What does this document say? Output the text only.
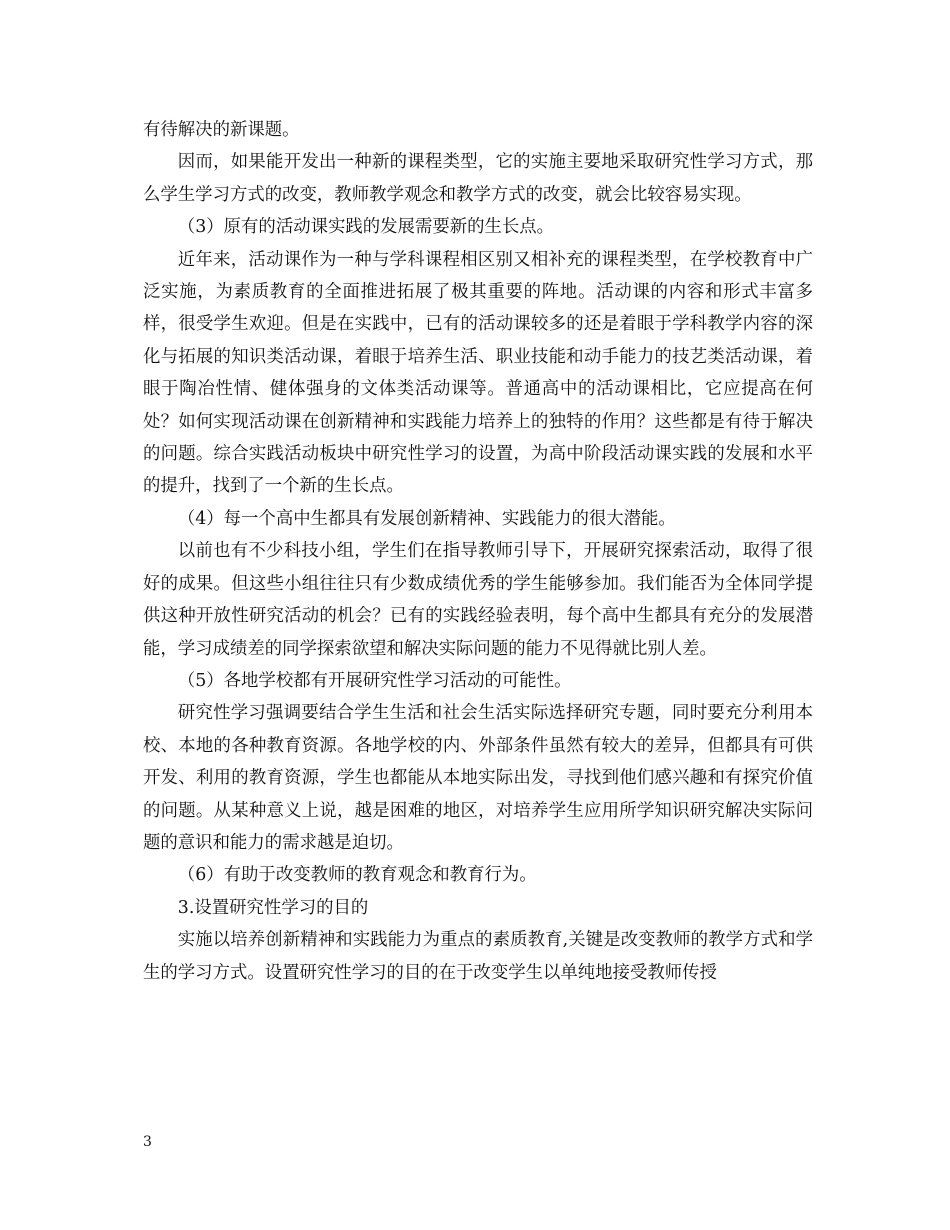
有待解决的新课题。

因而，如果能开发出一种新的课程类型，它的实施主要地采取研究性学习方式，那么学生学习方式的改变，教师教学观念和教学方式的改变，就会比较容易实现。

（3）原有的活动课实践的发展需要新的生长点。

近年来，活动课作为一种与学科课程相区别又相补充的课程类型，在学校教育中广泛实施，为素质教育的全面推进拓展了极其重要的阵地。活动课的内容和形式丰富多样，很受学生欢迎。但是在实践中，已有的活动课较多的还是着眼于学科教学内容的深化与拓展的知识类活动课，着眼于培养生活、职业技能和动手能力的技艺类活动课，着眼于陶冶性情、健体强身的文体类活动课等。普通高中的活动课相比，它应提高在何处？如何实现活动课在创新精神和实践能力培养上的独特的作用？这些都是有待于解决的问题。综合实践活动板块中研究性学习的设置，为高中阶段活动课实践的发展和水平的提升，找到了一个新的生长点。

（4）每一个高中生都具有发展创新精神、实践能力的很大潜能。

以前也有不少科技小组，学生们在指导教师引导下，开展研究探索活动，取得了很好的成果。但这些小组往往只有少数成绩优秀的学生能够参加。我们能否为全体同学提供这种开放性研究活动的机会？已有的实践经验表明，每个高中生都具有充分的发展潜能，学习成绩差的同学探索欲望和解决实际问题的能力不见得就比别人差。

（5）各地学校都有开展研究性学习活动的可能性。

研究性学习强调要结合学生生活和社会生活实际选择研究专题，同时要充分利用本校、本地的各种教育资源。各地学校的内、外部条件虽然有较大的差异，但都具有可供开发、利用的教育资源，学生也都能从本地实际出发，寻找到他们感兴趣和有探究价值的问题。从某种意义上说，越是困难的地区，对培养学生应用所学知识研究解决实际问题的意识和能力的需求越是迫切。

（6）有助于改变教师的教育观念和教育行为。

3.设置研究性学习的目的

实施以培养创新精神和实践能力为重点的素质教育,关键是改变教师的教学方式和学生的学习方式。设置研究性学习的目的在于改变学生以单纯地接受教师传授

3
